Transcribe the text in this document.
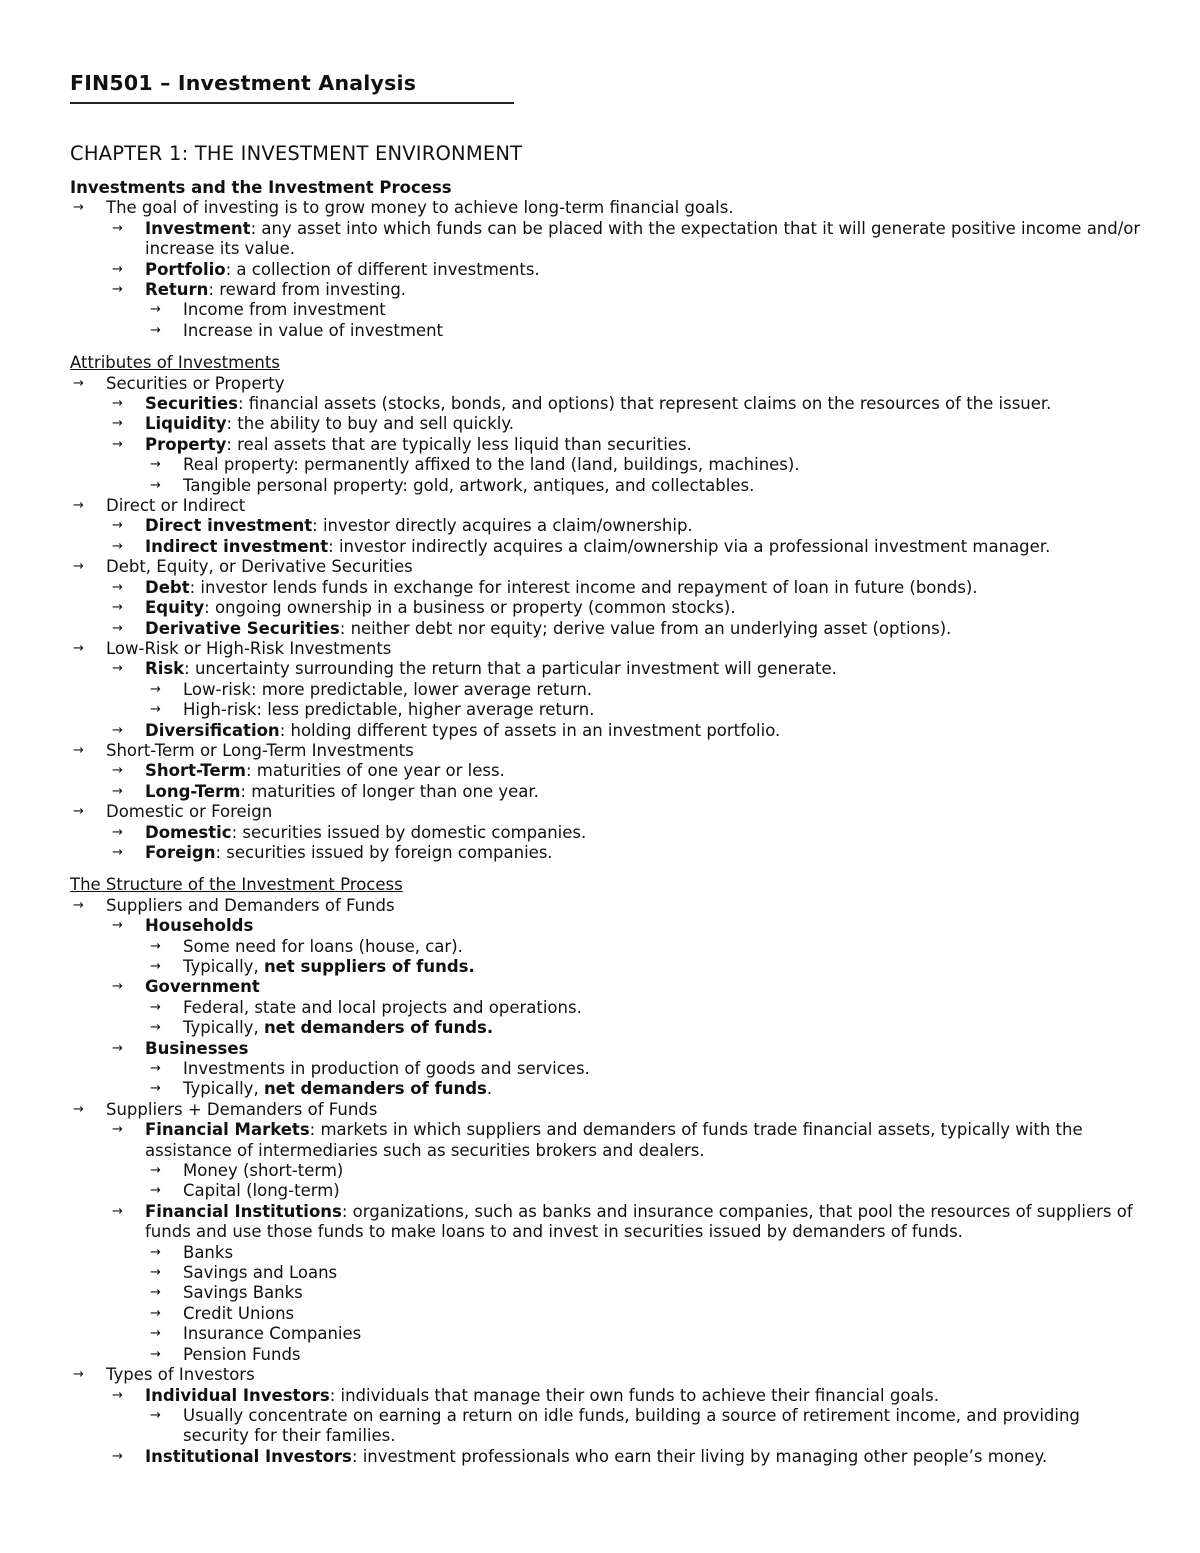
FIN501 – Investment Analysis
CHAPTER 1: THE INVESTMENT ENVIRONMENT
Investments and the Investment Process
→ The goal of investing is to grow money to achieve long-term financial goals.
→ Investment: any asset into which funds can be placed with the expectation that it will generate positive income and/or increase its value.
→ Portfolio: a collection of different investments.
→ Return: reward from investing.
→ Income from investment
→ Increase in value of investment
Attributes of Investments
→ Securities or Property
→ Securities: financial assets (stocks, bonds, and options) that represent claims on the resources of the issuer.
→ Liquidity: the ability to buy and sell quickly.
→ Property: real assets that are typically less liquid than securities.
→ Real property: permanently affixed to the land (land, buildings, machines).
→ Tangible personal property: gold, artwork, antiques, and collectables.
→ Direct or Indirect
→ Direct investment: investor directly acquires a claim/ownership.
→ Indirect investment: investor indirectly acquires a claim/ownership via a professional investment manager.
→ Debt, Equity, or Derivative Securities
→ Debt: investor lends funds in exchange for interest income and repayment of loan in future (bonds).
→ Equity: ongoing ownership in a business or property (common stocks).
→ Derivative Securities: neither debt nor equity; derive value from an underlying asset (options).
→ Low-Risk or High-Risk Investments
→ Risk: uncertainty surrounding the return that a particular investment will generate.
→ Low-risk: more predictable, lower average return.
→ High-risk: less predictable, higher average return.
→ Diversification: holding different types of assets in an investment portfolio.
→ Short-Term or Long-Term Investments
→ Short-Term: maturities of one year or less.
→ Long-Term: maturities of longer than one year.
→ Domestic or Foreign
→ Domestic: securities issued by domestic companies.
→ Foreign: securities issued by foreign companies.
The Structure of the Investment Process
→ Suppliers and Demanders of Funds
→ Households
→ Some need for loans (house, car).
→ Typically, net suppliers of funds.
→ Government
→ Federal, state and local projects and operations.
→ Typically, net demanders of funds.
→ Businesses
→ Investments in production of goods and services.
→ Typically, net demanders of funds.
→ Suppliers + Demanders of Funds
→ Financial Markets: markets in which suppliers and demanders of funds trade financial assets, typically with the assistance of intermediaries such as securities brokers and dealers.
→ Money (short-term)
→ Capital (long-term)
→ Financial Institutions: organizations, such as banks and insurance companies, that pool the resources of suppliers of funds and use those funds to make loans to and invest in securities issued by demanders of funds.
→ Banks
→ Savings and Loans
→ Savings Banks
→ Credit Unions
→ Insurance Companies
→ Pension Funds
→ Types of Investors
→ Individual Investors: individuals that manage their own funds to achieve their financial goals.
→ Usually concentrate on earning a return on idle funds, building a source of retirement income, and providing security for their families.
→ Institutional Investors: investment professionals who earn their living by managing other people’s money.
